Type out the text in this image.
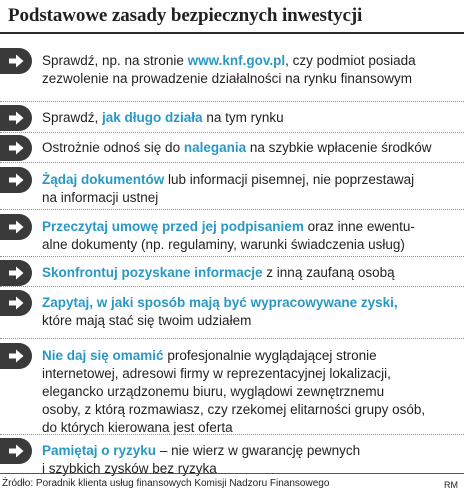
Podstawowe zasady bezpiecznych inwestycji

Sprawdź, np. na stronie www.knf.gov.pl, czy podmiot posiada

zezwolenie na prowadzenie działalności na rynku finansowym

Sprawdź, jak długo działa na tym rynku

Ostrożnie odnoś się do nalegania na szybkie wpłacenie środków

Żądaj dokumentów lub informacji pisemnej, nie poprzestawaj

na informacji ustnej

Przeczytaj umowę przed jej podpisaniem oraz inne ewentu-

alne dokumenty (np. regulaminy, warunki świadczenia usług)

Skonfrontuj pozyskane informacje z inną zaufaną osobą

Zapytaj, w jaki sposób mają być wypracowywane zyski,

które mają stać się twoim udziałem

Nie daj się omamić profesjonalnie wyglądającej stronie

internetowej, adresowi firmy w reprezentacyjnej lokalizacji,

elegancko urządzonemu biuru, wyglądowi zewnętrznemu

osoby, z którą rozmawiasz, czy rzekomej elitarności grupy osób,

do których kierowana jest oferta

Pamiętaj o ryzyku – nie wierz w gwarancję pewnych

i szybkich zysków bez ryzyka

Źródło: Poradnik klienta usług finansowych Komisji Nadzoru Finansowego	RM
